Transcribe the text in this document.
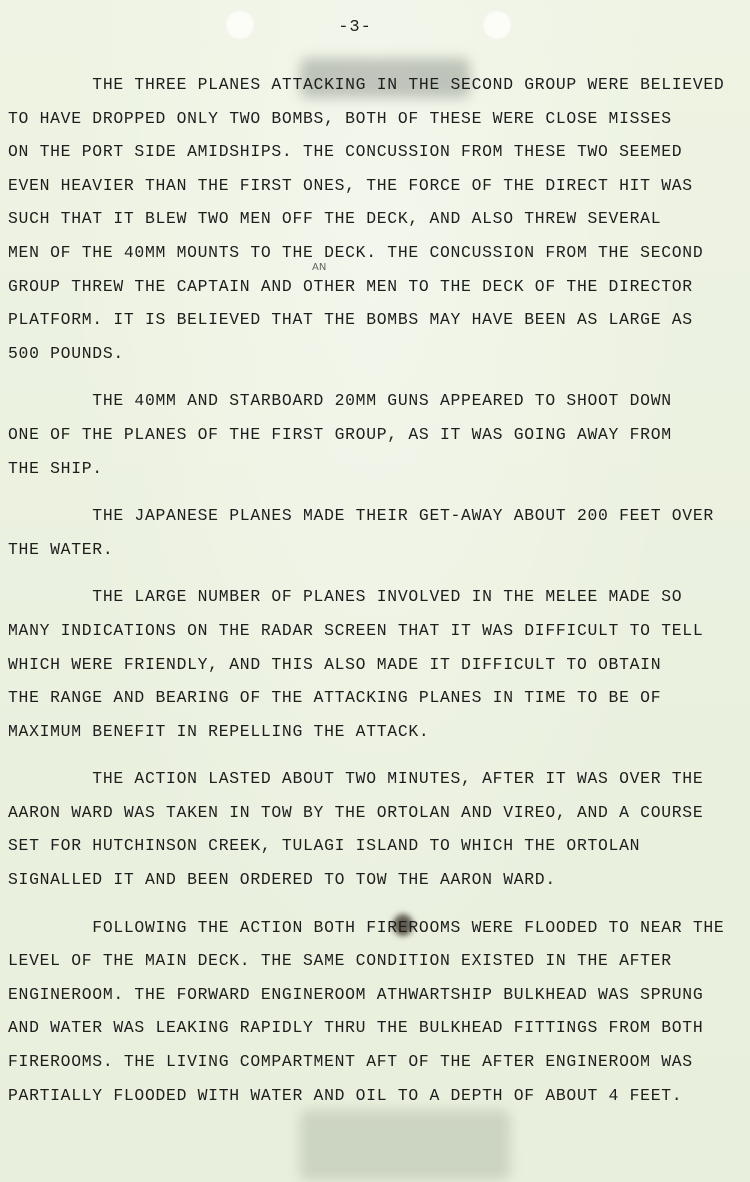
-3-
AN
THE THREE PLANES ATTACKING IN THE SECOND GROUP WERE BELIEVED
TO HAVE DROPPED ONLY TWO BOMBS, BOTH OF THESE WERE CLOSE MISSES
ON THE PORT SIDE AMIDSHIPS. THE CONCUSSION FROM THESE TWO SEEMED
EVEN HEAVIER THAN THE FIRST ONES, THE FORCE OF THE DIRECT HIT WAS
SUCH THAT IT BLEW TWO MEN OFF THE DECK, AND ALSO THREW SEVERAL
MEN OF THE 40MM MOUNTS TO THE DECK. THE CONCUSSION FROM THE SECOND
GROUP THREW THE CAPTAIN AND OTHER MEN TO THE DECK OF THE DIRECTOR
PLATFORM. IT IS BELIEVED THAT THE BOMBS MAY HAVE BEEN AS LARGE AS
500 POUNDS.
THE 40MM AND STARBOARD 20MM GUNS APPEARED TO SHOOT DOWN
ONE OF THE PLANES OF THE FIRST GROUP, AS IT WAS GOING AWAY FROM
THE SHIP.
THE JAPANESE PLANES MADE THEIR GET-AWAY ABOUT 200 FEET OVER
THE WATER.
THE LARGE NUMBER OF PLANES INVOLVED IN THE MELEE MADE SO
MANY INDICATIONS ON THE RADAR SCREEN THAT IT WAS DIFFICULT TO TELL
WHICH WERE FRIENDLY, AND THIS ALSO MADE IT DIFFICULT TO OBTAIN
THE RANGE AND BEARING OF THE ATTACKING PLANES IN TIME TO BE OF
MAXIMUM BENEFIT IN REPELLING THE ATTACK.
THE ACTION LASTED ABOUT TWO MINUTES, AFTER IT WAS OVER THE
AARON WARD WAS TAKEN IN TOW BY THE ORTOLAN AND VIREO, AND A COURSE
SET FOR HUTCHINSON CREEK, TULAGI ISLAND TO WHICH THE ORTOLAN
SIGNALLED IT AND BEEN ORDERED TO TOW THE AARON WARD.
FOLLOWING THE ACTION BOTH FIREROOMS WERE FLOODED TO NEAR THE
LEVEL OF THE MAIN DECK. THE SAME CONDITION EXISTED IN THE AFTER
ENGINEROOM. THE FORWARD ENGINEROOM ATHWARTSHIP BULKHEAD WAS SPRUNG
AND WATER WAS LEAKING RAPIDLY THRU THE BULKHEAD FITTINGS FROM BOTH
FIREROOMS. THE LIVING COMPARTMENT AFT OF THE AFTER ENGINEROOM WAS
PARTIALLY FLOODED WITH WATER AND OIL TO A DEPTH OF ABOUT 4 FEET.
